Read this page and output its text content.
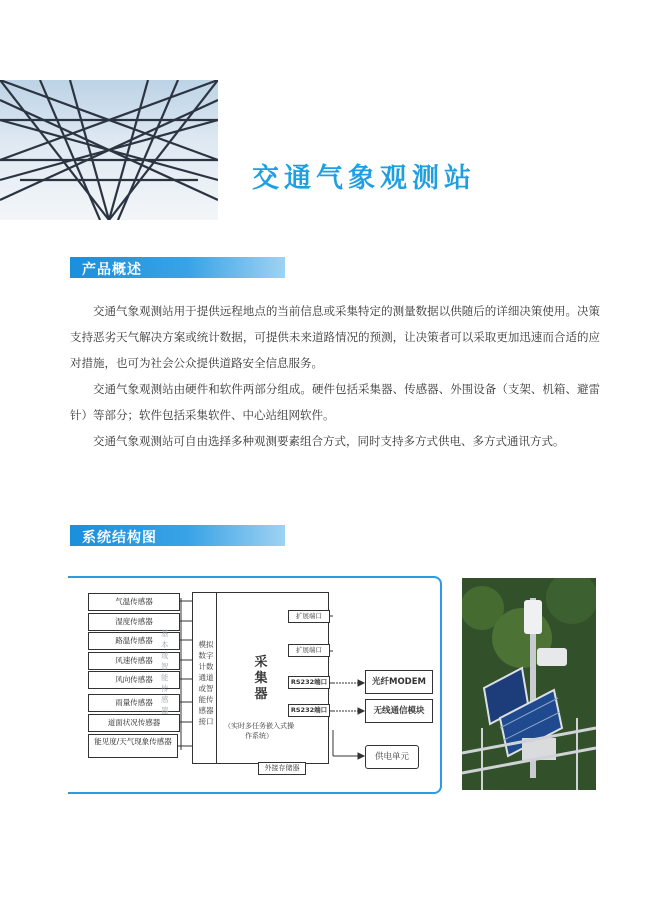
交通气象观测站
产品概述

交通气象观测站用于提供远程地点的当前信息或采集特定的测量数据以供随后的详细决策使用。决策支持恶劣天气解决方案或统计数据，可提供未来道路情况的预测，让决策者可以采取更加迅速而合适的应对措施，也可为社会公众提供道路安全信息服务。

交通气象观测站由硬件和软件两部分组成。硬件包括采集器、传感器、外围设备（支架、机箱、避雷针）等部分；软件包括采集软件、中心站组网软件。

交通气象观测站可自由选择多种观测要素组合方式，同时支持多方式供电、多方式通讯方式。

系统结构图
气温传感器
湿度传感器
路温传感器
风速传感器
风向传感器
雨量传感器
道面状况传感器
能见度/天气现象传感器
基
本
或
智
能
传
感
器
模拟
数字
计数
通道
或智
能传
感器
接口
采
集
器
（实时多任务嵌入式操作系统）
扩展端口
扩展端口
RS232端口
RS232端口
外接存储器
光纤MODEM
无线通信模块
供电单元
